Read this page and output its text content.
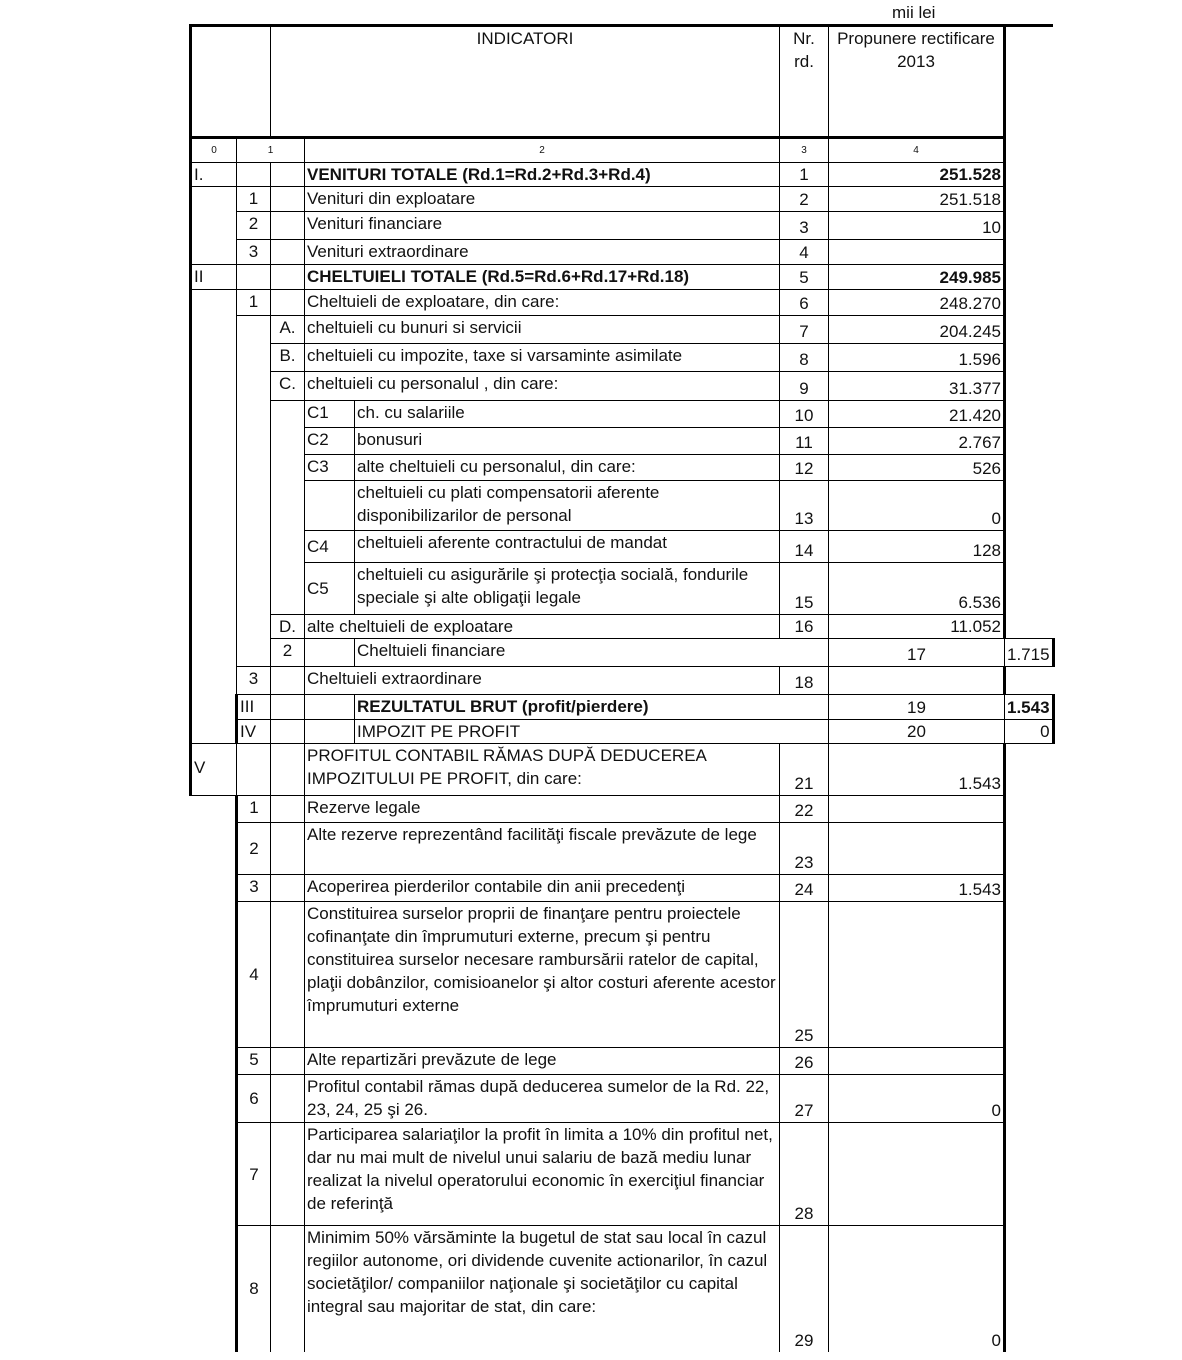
mii lei
		INDICATORI			Nr. rd.	Propunere rectificare 2013	
0	1		2		3	4	
I.			VENITURI TOTALE (Rd.1=Rd.2+Rd.3+Rd.4)		1	251.528	
	1		Venituri din exploatare		2	251.518	
	2		Venituri financiare		3	10	
	3		Venituri extraordinare		4		
II			CHELTUIELI TOTALE (Rd.5=Rd.6+Rd.17+Rd.18)		5	249.985	
	1		Cheltuieli de exploatare, din care:		6	248.270	
		A.	cheltuieli cu bunuri si servicii		7	204.245	
		B.	cheltuieli cu impozite, taxe si varsaminte asimilate		8	1.596	
		C.	cheltuieli cu personalul , din care:		9	31.377	
			C1	ch. cu salariile	10	21.420	
			C2	bonusuri	11	2.767	
			C3	alte cheltuieli cu personalul, din care:	12	526	
				cheltuieli cu plati compensatorii aferente disponibilizarilor de personal	13	0	
			C4	cheltuieli aferente contractului de mandat	14	128	
			C5	cheltuieli cu asigurările şi protecţia socială, fondurile speciale şi alte obligaţii legale	15	6.536	
		D.	alte cheltuieli de exploatare		16	11.052	
		2		Cheltuieli financiare		17	1.715
	3		Cheltuieli extraordinare		18		
	III			REZULTATUL BRUT (profit/pierdere)		19	1.543
	IV			IMPOZIT PE PROFIT		20	0
V			PROFITUL CONTABIL RĂMAS DUPĂ DEDUCEREA IMPOZITULUI PE PROFIT, din care:		21	1.543	
	1		Rezerve legale		22		
	2		Alte rezerve reprezentând facilităţi fiscale prevăzute de lege		23		
	3		Acoperirea pierderilor contabile din anii precedenţi		24	1.543	
	4		Constituirea surselor proprii de finanţare pentru proiectele cofinanţate din împrumuturi externe, precum şi pentru constituirea surselor necesare rambursării ratelor de capital, plaţii dobânzilor, comisioanelor şi altor costuri aferente acestor împrumuturi externe		25		
	5		Alte repartizări prevăzute de lege		26		
	6		Profitul contabil rămas după deducerea sumelor de la Rd. 22, 23, 24, 25 şi 26.		27	0	
	7		Participarea salariaţilor la profit în limita a 10% din profitul net, dar nu mai mult de nivelul unui salariu de bază mediu lunar realizat la nivelul operatorului economic în exerciţiul financiar de referinţă		28		
	8		Minimim 50% vărsăminte la bugetul de stat sau local în cazul regiilor autonome, ori dividende cuvenite actionarilor, în cazul societăţilor/ companiilor naţionale şi societăţilor cu capital integral sau majoritar de stat, din care:		29	0	
